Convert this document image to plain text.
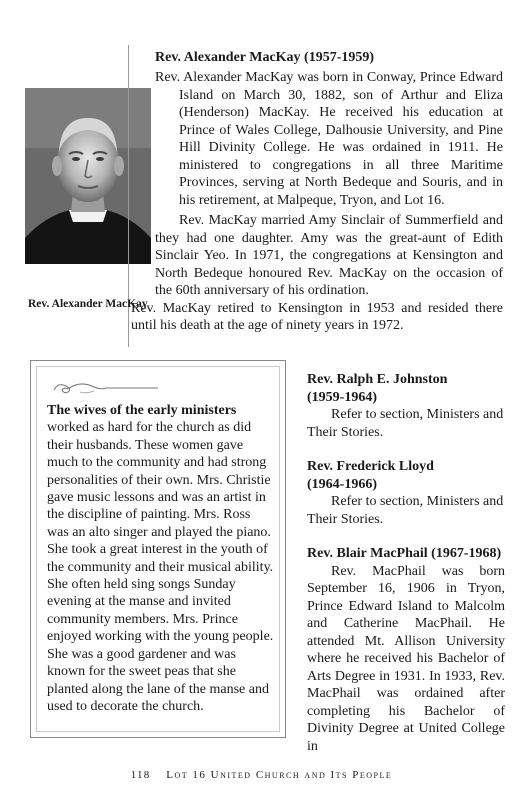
Rev. Alexander MacKay
Rev. Alexander MacKay (1957-1959)
Rev. Alexander MacKay was born in Conway, Prince Edward Island on March 30, 1882, son of Arthur and Eliza (Henderson) MacKay. He received his education at Prince of Wales College, Dalhousie University, and Pine Hill Divinity College. He was ordained in 1911. He ministered to congregations in all three Maritime Provinces, serving at North Bedeque and Souris, and in his retirement, at Malpeque, Tryon, and Lot 16.
Rev. MacKay married Amy Sinclair of Summerfield and they had one daughter. Amy was the great-aunt of Edith Sinclair Yeo. In 1971, the congregations at Kensington and North Bedeque honoured Rev. MacKay on the occasion of the 60th anniversary of his ordination.
Rev. MacKay retired to Kensington in 1953 and resided there until his death at the age of ninety years in 1972.
The wives of the early ministers worked as hard for the church as did their husbands. These women gave much to the community and had strong personalities of their own. Mrs. Christie gave music lessons and was an artist in the discipline of painting. Mrs. Ross was an alto singer and played the piano. She took a great interest in the youth of the community and their musical ability. She often held sing songs Sunday evening at the manse and invited community members. Mrs. Prince enjoyed working with the young people. She was a good gardener and was known for the sweet peas that she planted along the lane of the manse and used to decorate the church.
Rev. Ralph E. Johnston
(1959-1964)
Refer to section, Ministers and Their Stories.
Rev. Frederick Lloyd
(1964-1966)
Refer to section, Ministers and Their Stories.
Rev. Blair MacPhail (1967-1968)
Rev. MacPhail was born September 16, 1906 in Tryon, Prince Edward Island to Malcolm and Catherine MacPhail. He attended Mt. Allison University where he received his Bachelor of Arts Degree in 1931. In 1933, Rev. MacPhail was ordained after completing his Bachelor of Divinity Degree at United College in
118 Lot 16 United Church and Its People
